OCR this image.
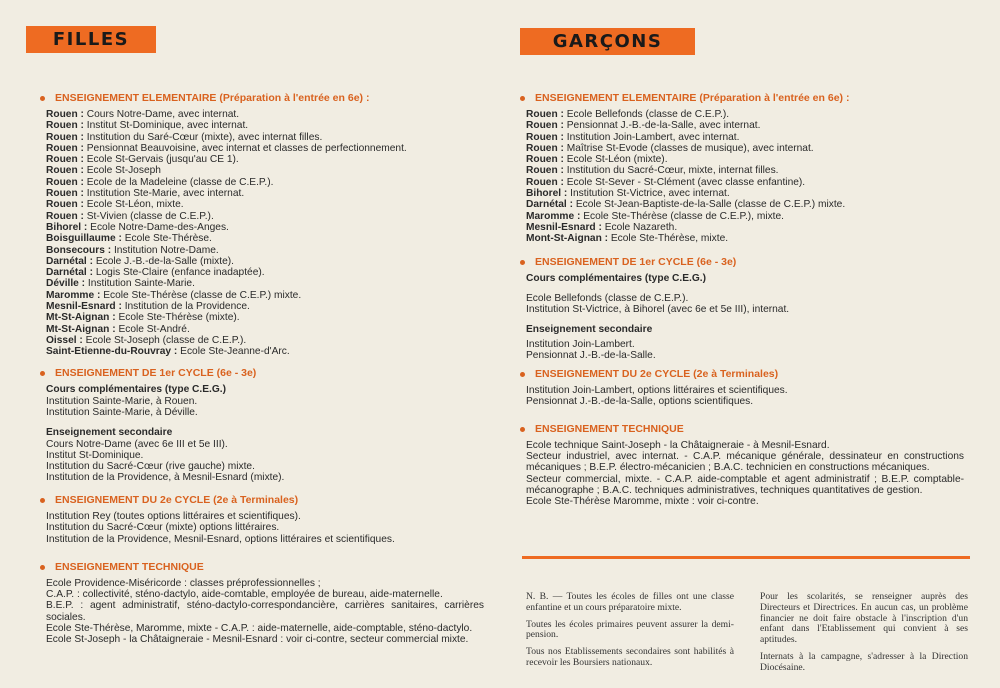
FILLES
ENSEIGNEMENT ELEMENTAIRE (Préparation à l'entrée en 6e) :
Rouen : Cours Notre-Dame, avec internat.
Rouen : Institut St-Dominique, avec internat.
Rouen : Institution du Saré-Cœur (mixte), avec internat filles.
Rouen : Pensionnat Beauvoisine, avec internat et classes de perfectionnement.
Rouen : Ecole St-Gervais (jusqu'au CE 1).
Rouen : Ecole St-Joseph
Rouen : Ecole de la Madeleine (classe de C.E.P.).
Rouen : Institution Ste-Marie, avec internat.
Rouen : Ecole St-Léon, mixte.
Rouen : St-Vivien (classe de C.E.P.).
Bihorel : Ecole Notre-Dame-des-Anges.
Boisguillaume : Ecole Ste-Thérèse.
Bonsecours : Institution Notre-Dame.
Darnétal : Ecole J.-B.-de-la-Salle (mixte).
Darnétal : Logis Ste-Claire (enfance inadaptée).
Déville : Institution Sainte-Marie.
Maromme : Ecole Ste-Thérèse (classe de C.E.P.) mixte.
Mesnil-Esnard : Institution de la Providence.
Mt-St-Aignan : Ecole Ste-Thérèse (mixte).
Mt-St-Aignan : Ecole St-André.
Oissel : Ecole St-Joseph (classe de C.E.P.).
Saint-Etienne-du-Rouvray : Ecole Ste-Jeanne-d'Arc.
ENSEIGNEMENT DE 1er CYCLE (6e - 3e)
Cours complémentaires (type C.E.G.)
Institution Sainte-Marie, à Rouen.
Institution Sainte-Marie, à Déville.
Enseignement secondaire
Cours Notre-Dame (avec 6e III et 5e III).
Institut St-Dominique.
Institution du Sacré-Cœur (rive gauche) mixte.
Institution de la Providence, à Mesnil-Esnard (mixte).
ENSEIGNEMENT DU 2e CYCLE (2e à Terminales)
Institution Rey (toutes options littéraires et scientifiques).
Institution du Sacré-Cœur (mixte) options littéraires.
Institution de la Providence, Mesnil-Esnard, options littéraires et scientifiques.
ENSEIGNEMENT TECHNIQUE
Ecole Providence-Miséricorde : classes préprofessionnelles ;
C.A.P. : collectivité, sténo-dactylo, aide-comtable, employée de bureau, aide-maternelle.
B.E.P. : agent administratif, sténo-dactylo-correspondancière, carrières sanitaires, carrières sociales.
Ecole Ste-Thérèse, Maromme, mixte - C.A.P. : aide-maternelle, aide-comptable, sténo-dactylo.
Ecole St-Joseph - la Châtaigneraie - Mesnil-Esnard : voir ci-contre, secteur commercial mixte.
GARÇONS
ENSEIGNEMENT ELEMENTAIRE (Préparation à l'entrée en 6e) :
Rouen : Ecole Bellefonds (classe de C.E.P.).
Rouen : Pensionnat J.-B.-de-la-Salle, avec internat.
Rouen : Institution Join-Lambert, avec internat.
Rouen : Maîtrise St-Evode (classes de musique), avec internat.
Rouen : Ecole St-Léon (mixte).
Rouen : Institution du Sacré-Cœur, mixte, internat filles.
Rouen : Ecole St-Sever - St-Clément (avec classe enfantine).
Bihorel : Institution St-Victrice, avec internat.
Darnétal : Ecole St-Jean-Baptiste-de-la-Salle (classe de C.E.P.) mixte.
Maromme : Ecole Ste-Thérèse (classe de C.E.P.), mixte.
Mesnil-Esnard : Ecole Nazareth.
Mont-St-Aignan : Ecole Ste-Thérèse, mixte.
ENSEIGNEMENT DE 1er CYCLE (6e - 3e)
Cours complémentaires (type C.E.G.)
Ecole Bellefonds (classe de C.E.P.).
Institution St-Victrice, à Bihorel (avec 6e et 5e III), internat.
Enseignement secondaire
Institution Join-Lambert.
Pensionnat J.-B.-de-la-Salle.
ENSEIGNEMENT DU 2e CYCLE (2e à Terminales)
Institution Join-Lambert, options littéraires et scientifiques.
Pensionnat J.-B.-de-la-Salle, options scientifiques.
ENSEIGNEMENT TECHNIQUE
Ecole technique Saint-Joseph - la Châtaigneraie - à Mesnil-Esnard.
Secteur industriel, avec internat. - C.A.P. mécanique générale, dessinateur en constructions mécaniques ; B.E.P. électro-mécanicien ; B.A.C. technicien en constructions mécaniques.
Secteur commercial, mixte. - C.A.P. aide-comptable et agent administratif ; B.E.P. comptable-mécanographe ; B.A.C. techniques administratives, techniques quantitatives de gestion.
Ecole Ste-Thérèse Maromme, mixte : voir ci-contre.

N. B. — Toutes les écoles de filles ont une classe enfantine et un cours préparatoire mixte.

Toutes les écoles primaires peuvent assurer la demi-pension.

Tous nos Etablissements secondaires sont habilités à recevoir les Boursiers nationaux.

Pour les scolarités, se renseigner auprès des Directeurs et Directrices. En aucun cas, un problème financier ne doit faire obstacle à l'inscription d'un enfant dans l'Etablissement qui convient à ses aptitudes.

Internats à la campagne, s'adresser à la Direction Diocésaine.
